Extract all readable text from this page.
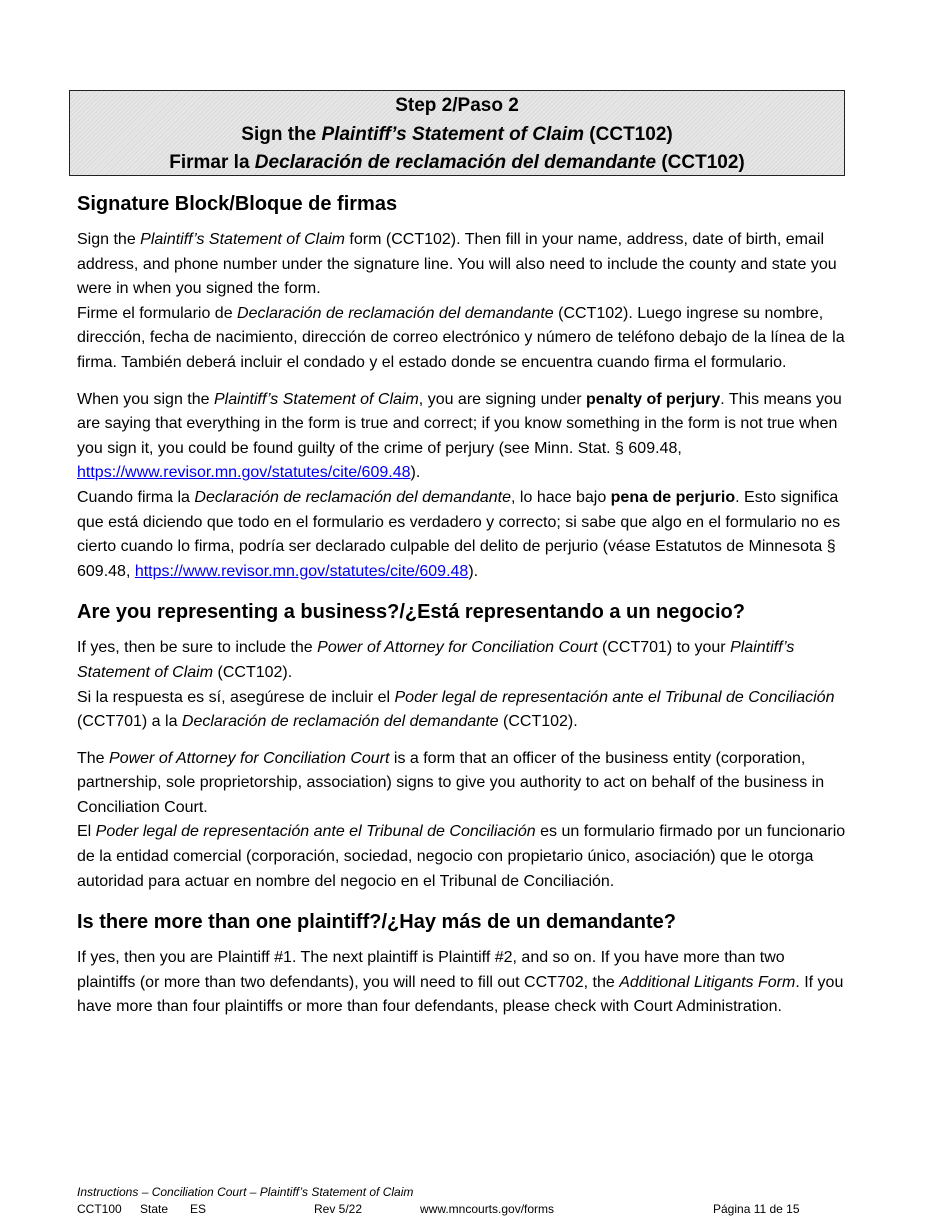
Step 2/Paso 2
Sign the Plaintiff’s Statement of Claim (CCT102)
Firmar la Declaración de reclamación del demandante (CCT102)
Signature Block/Bloque de firmas

Sign the Plaintiff’s Statement of Claim form (CCT102). Then fill in your name, address, date of birth, email address, and phone number under the signature line. You will also need to include the county and state you were in when you signed the form.

Firme el formulario de Declaración de reclamación del demandante (CCT102). Luego ingrese su nombre, dirección, fecha de nacimiento, dirección de correo electrónico y número de teléfono debajo de la línea de la firma. También deberá incluir el condado y el estado donde se encuentra cuando firma el formulario.

When you sign the Plaintiff’s Statement of Claim, you are signing under penalty of perjury. This means you are saying that everything in the form is true and correct; if you know something in the form is not true when you sign it, you could be found guilty of the crime of perjury (see Minn. Stat. § 609.48, https://www.revisor.mn.gov/statutes/cite/609.48).

Cuando firma la Declaración de reclamación del demandante, lo hace bajo pena de perjurio. Esto significa que está diciendo que todo en el formulario es verdadero y correcto; si sabe que algo en el formulario no es cierto cuando lo firma, podría ser declarado culpable del delito de perjurio (véase Estatutos de Minnesota § 609.48, https://www.revisor.mn.gov/statutes/cite/609.48).

Are you representing a business?/¿Está representando a un negocio?

If yes, then be sure to include the Power of Attorney for Conciliation Court (CCT701) to your Plaintiff’s Statement of Claim (CCT102).

Si la respuesta es sí, asegúrese de incluir el Poder legal de representación ante el Tribunal de Conciliación (CCT701) a la Declaración de reclamación del demandante (CCT102).

The Power of Attorney for Conciliation Court is a form that an officer of the business entity (corporation, partnership, sole proprietorship, association) signs to give you authority to act on behalf of the business in Conciliation Court.

El Poder legal de representación ante el Tribunal de Conciliación es un formulario firmado por un funcionario de la entidad comercial (corporación, sociedad, negocio con propietario único, asociación) que le otorga autoridad para actuar en nombre del negocio en el Tribunal de Conciliación.

Is there more than one plaintiff?/¿Hay más de un demandante?

If yes, then you are Plaintiff #1. The next plaintiff is Plaintiff #2, and so on. If you have more than two plaintiffs (or more than two defendants), you will need to fill out CCT702, the Additional Litigants Form. If you have more than four plaintiffs or more than four defendants, please check with Court Administration.

Instructions – Conciliation Court – Plaintiff’s Statement of Claim
CCT100 State ES	Rev 5/22	www.mncourts.gov/forms	Página 11 de 15
